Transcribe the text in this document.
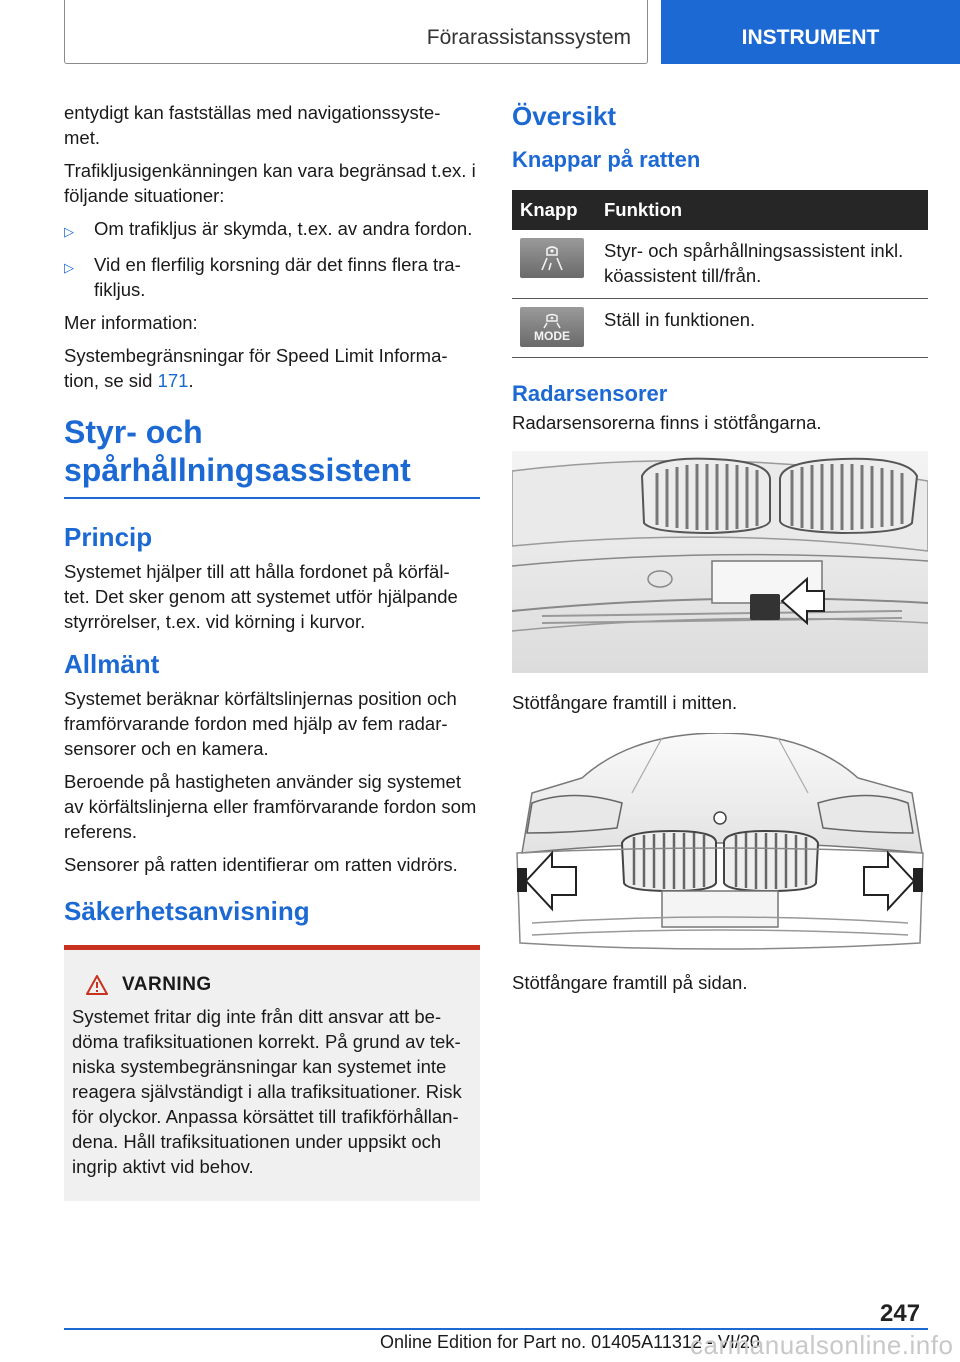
Förarassistanssystem	INSTRUMENT

entydigt kan fastställas med navigationssyste- met.

Trafikljusigenkänningen kan vara begränsad t.ex. i följande situationer:

▷	Om trafikljus är skymda, t.ex. av andra fordon.
▷	Vid en flerfilig korsning där det finns flera tra- fikljus.

Mer information:

Systembegränsningar för Speed Limit Informa- tion, se sid 171.

Styr- och spårhållningsassistent
Princip

Systemet hjälper till att hålla fordonet på körfäl- tet. Det sker genom att systemet utför hjälpande styrrörelser, t.ex. vid körning i kurvor.

Allmänt

Systemet beräknar körfältslinjernas position och framförvarande fordon med hjälp av fem radar- sensorer och en kamera.

Beroende på hastigheten använder sig systemet av körfältslinjerna eller framförvarande fordon som referens.

Sensorer på ratten identifierar om ratten vidrörs.

Säkerhetsanvisning
VARNING

Systemet fritar dig inte från ditt ansvar att be- döma trafiksituationen korrekt. På grund av tek- niska systembegränsningar kan systemet inte reagera självständigt i alla trafiksituationer. Risk för olyckor. Anpassa körsättet till trafikförhållan- dena. Håll trafiksituationen under uppsikt och ingrip aktivt vid behov.

Översikt
Knappar på ratten
Knapp	Funktion

	Styr- och spårhållningsassistent inkl. köassistent till/från.

MODE	Ställ in funktionen.
Radarsensorer

Radarsensorerna finns i stötfångarna.

Stötfångare framtill i mitten.

Stötfångare framtill på sidan.

247
Online Edition for Part no. 01405A11312 - VI/20
carmanualsonline.info
